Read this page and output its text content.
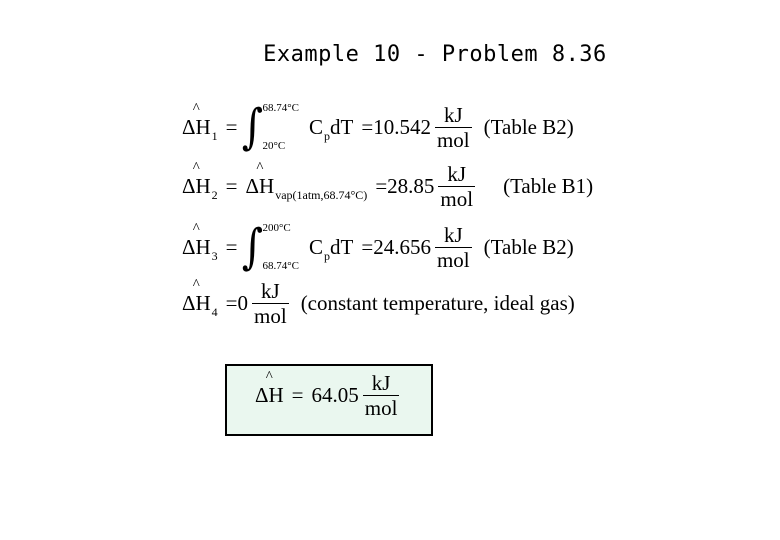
Example 10 - Problem 8.36
^ ΔH 1 = ∫ 68.74°C
20°C
C p dT = $10.542 \frac{kJ}{\text{mol}}$ (Table B2)
^ ΔH 2 =
^ ΔH $vap(1atm,68.74^\circ C) = 28.85 \frac{kJ}{\text{mol}}$ (Table B1)
^ ΔH 3 = ∫ 200°C
68.74°C
C p dT = $24.656 \frac{kJ}{\text{mol}}$ (Table B2)
^ ΔH $4 = 0 \frac{kJ}{\text{mol}}$ (constant temperature, ideal gas)
^ $\Delta H = 64.05 \frac{kJ}{\text{mol}}$
